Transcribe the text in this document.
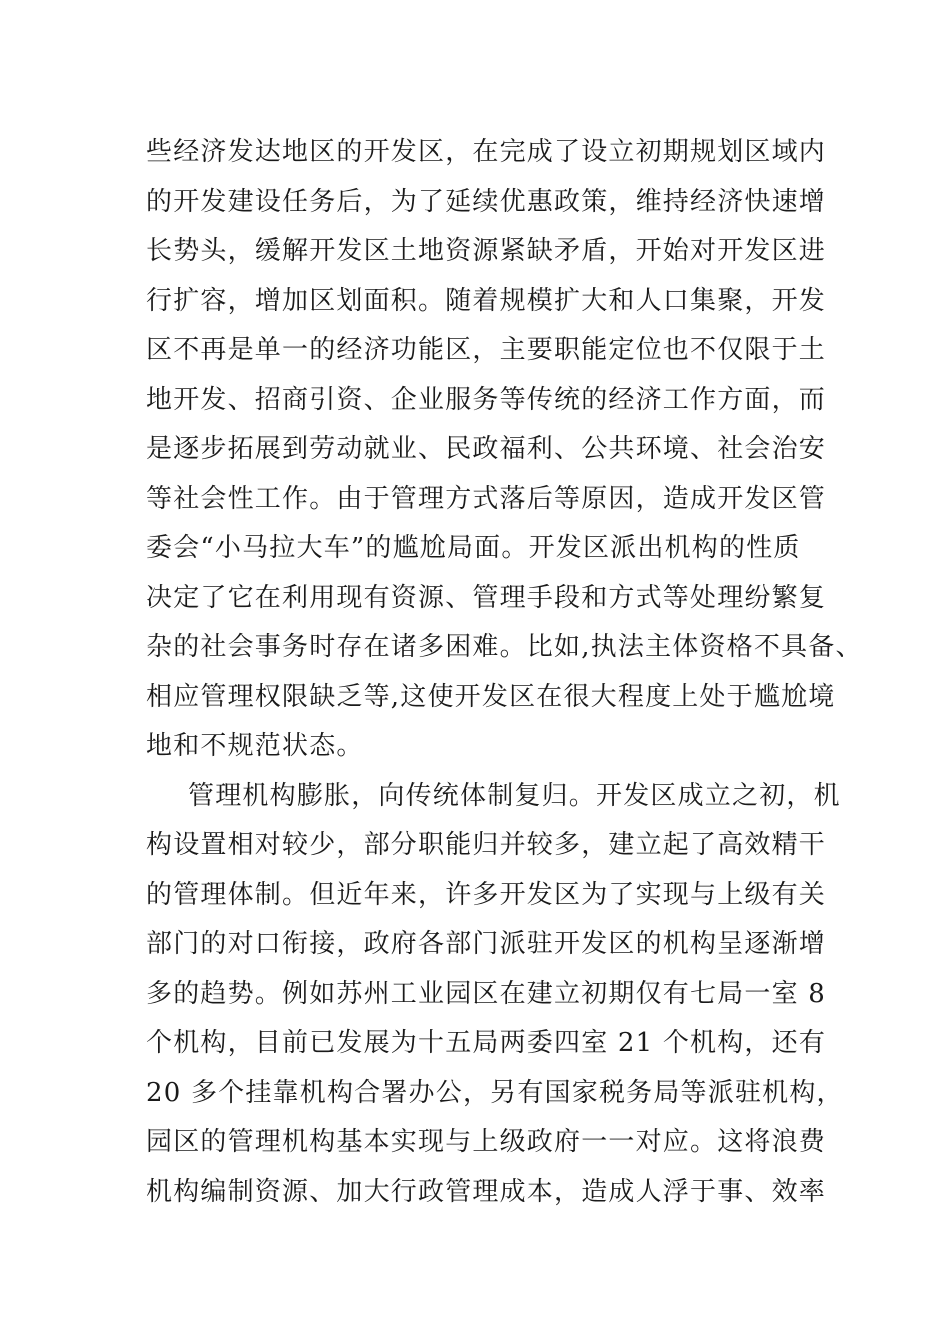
些经济发达地区的开发区，在完成了设立初期规划区域内
的开发建设任务后，为了延续优惠政策，维持经济快速增
长势头，缓解开发区土地资源紧缺矛盾，开始对开发区进
行扩容，增加区划面积。随着规模扩大和人口集聚，开发
区不再是单一的经济功能区，主要职能定位也不仅限于土
地开发、招商引资、企业服务等传统的经济工作方面，而
是逐步拓展到劳动就业、民政福利、公共环境、社会治安
等社会性工作。由于管理方式落后等原因，造成开发区管
委会“小马拉大车”的尴尬局面。开发区派出机构的性质
决定了它在利用现有资源、管理手段和方式等处理纷繁复
杂的社会事务时存在诸多困难。比如,执法主体资格不具备、
相应管理权限缺乏等,这使开发区在很大程度上处于尴尬境
地和不规范状态。
管理机构膨胀，向传统体制复归。开发区成立之初，机
构设置相对较少，部分职能归并较多，建立起了高效精干
的管理体制。但近年来，许多开发区为了实现与上级有关
部门的对口衔接，政府各部门派驻开发区的机构呈逐渐增
多的趋势。例如苏州工业园区在建立初期仅有七局一室 8
个机构，目前已发展为十五局两委四室 21 个机构，还有
20 多个挂靠机构合署办公，另有国家税务局等派驻机构，
园区的管理机构基本实现与上级政府一一对应。这将浪费
机构编制资源、加大行政管理成本，造成人浮于事、效率
